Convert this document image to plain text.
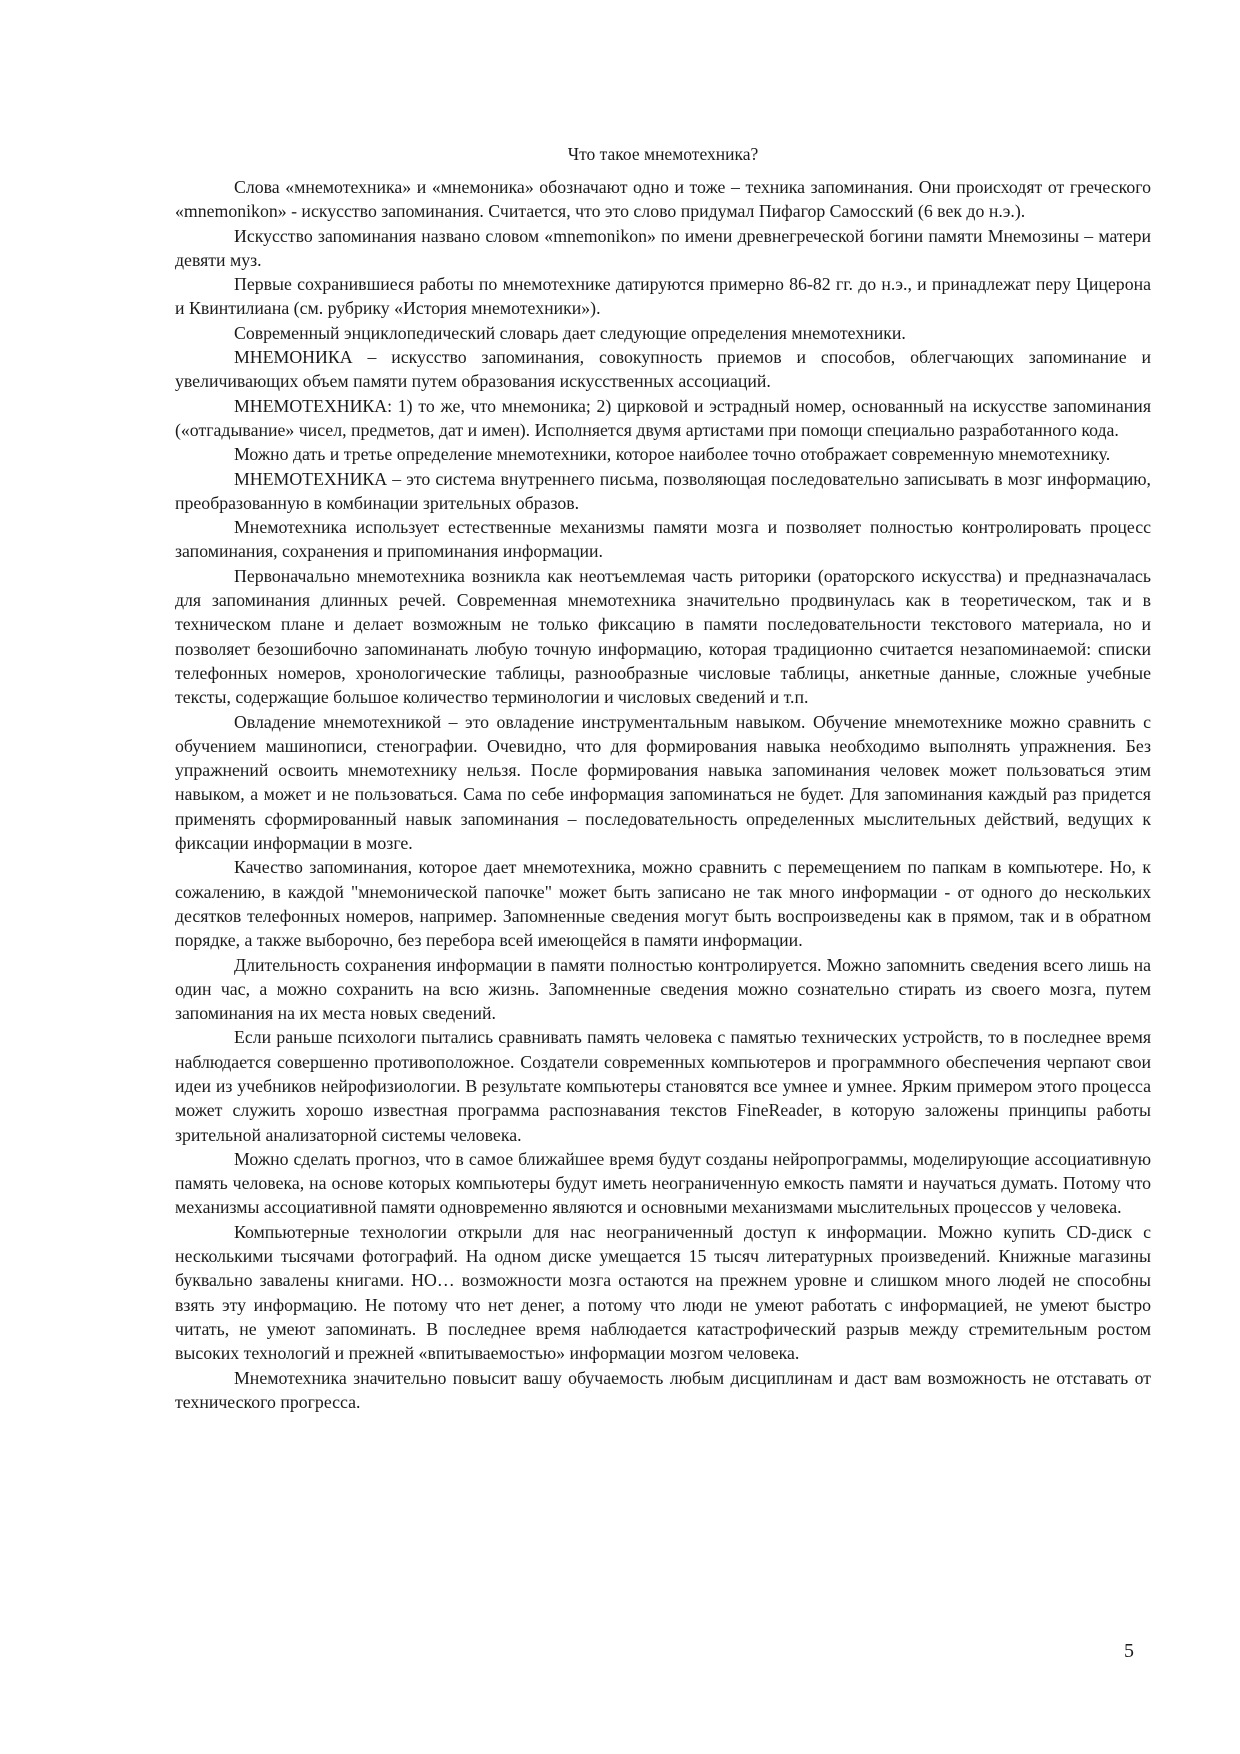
Что такое мнемотехника?

Слова «мнемотехника» и «мнемоника» обозначают одно и тоже – техника запоминания. Они происходят от греческого «mnemonikon» - искусство запоминания. Считается, что это слово придумал Пифагор Самосский (6 век до н.э.).

Искусство запоминания названо словом «mnemonikon» по имени древнегреческой богини памяти Мнемозины – матери девяти муз.

Первые сохранившиеся работы по мнемотехнике датируются примерно 86-82 гг. до н.э., и принадлежат перу Цицерона и Квинтилиана (см. рубрику «История мнемотехники»).

Современный энциклопедический словарь дает следующие определения мнемотехники.

МНЕМОНИКА – искусство запоминания, совокупность приемов и способов, облегчающих запоминание и увеличивающих объем памяти путем образования искусственных ассоциаций.

МНЕМОТЕХНИКА: 1) то же, что мнемоника; 2) цирковой и эстрадный номер, основанный на искусстве запоминания («отгадывание» чисел, предметов, дат и имен). Исполняется двумя артистами при помощи специально разработанного кода.

Можно дать и третье определение мнемотехники, которое наиболее точно отображает современную мнемотехнику.

МНЕМОТЕХНИКА – это система внутреннего письма, позволяющая последовательно записывать в мозг информацию, преобразованную в комбинации зрительных образов.

Мнемотехника использует естественные механизмы памяти мозга и позволяет полностью контролировать процесс запоминания, сохранения и припоминания информации.

Первоначально мнемотехника возникла как неотъемлемая часть риторики (ораторского искусства) и предназначалась для запоминания длинных речей. Современная мнемотехника значительно продвинулась как в теоретическом, так и в техническом плане и делает возможным не только фиксацию в памяти последовательности текстового материала, но и позволяет безошибочно запоминанать любую точную информацию, которая традиционно считается незапоминаемой: списки телефонных номеров, хронологические таблицы, разнообразные числовые таблицы, анкетные данные, сложные учебные тексты, содержащие большое количество терминологии и числовых сведений и т.п.

Овладение мнемотехникой – это овладение инструментальным навыком. Обучение мнемотехнике можно сравнить с обучением машинописи, стенографии. Очевидно, что для формирования навыка необходимо выполнять упражнения. Без упражнений освоить мнемотехнику нельзя. После формирования навыка запоминания человек может пользоваться этим навыком, а может и не пользоваться. Сама по себе информация запоминаться не будет. Для запоминания каждый раз придется применять сформированный навык запоминания – последовательность определенных мыслительных действий, ведущих к фиксации информации в мозге.

Качество запоминания, которое дает мнемотехника, можно сравнить с перемещением по папкам в компьютере. Но, к сожалению, в каждой "мнемонической папочке" может быть записано не так много информации - от одного до нескольких десятков телефонных номеров, например. Запомненные сведения могут быть воспроизведены как в прямом, так и в обратном порядке, а также выборочно, без перебора всей имеющейся в памяти информации.

Длительность сохранения информации в памяти полностью контролируется. Можно запомнить сведения всего лишь на один час, а можно сохранить на всю жизнь. Запомненные сведения можно сознательно стирать из своего мозга, путем запоминания на их места новых сведений.

Если раньше психологи пытались сравнивать память человека с памятью технических устройств, то в последнее время наблюдается совершенно противоположное. Создатели современных компьютеров и программного обеспечения черпают свои идеи из учебников нейрофизиологии. В результате компьютеры становятся все умнее и умнее. Ярким примером этого процесса может служить хорошо известная программа распознавания текстов FineReader, в которую заложены принципы работы зрительной анализаторной системы человека.

Можно сделать прогноз, что в самое ближайшее время будут созданы нейропрограммы, моделирующие ассоциативную память человека, на основе которых компьютеры будут иметь неограниченную емкость памяти и научаться думать. Потому что механизмы ассоциативной памяти одновременно являются и основными механизмами мыслительных процессов у человека.

Компьютерные технологии открыли для нас неограниченный доступ к информации. Можно купить CD-диск с несколькими тысячами фотографий. На одном диске умещается 15 тысяч литературных произведений. Книжные магазины буквально завалены книгами. НО… возможности мозга остаются на прежнем уровне и слишком много людей не способны взять эту информацию. Не потому что нет денег, а потому что люди не умеют работать с информацией, не умеют быстро читать, не умеют запоминать. В последнее время наблюдается катастрофический разрыв между стремительным ростом высоких технологий и прежней «впитываемостью» информации мозгом человека.

Мнемотехника значительно повысит вашу обучаемость любым дисциплинам и даст вам возможность не отставать от технического прогресса.

5
